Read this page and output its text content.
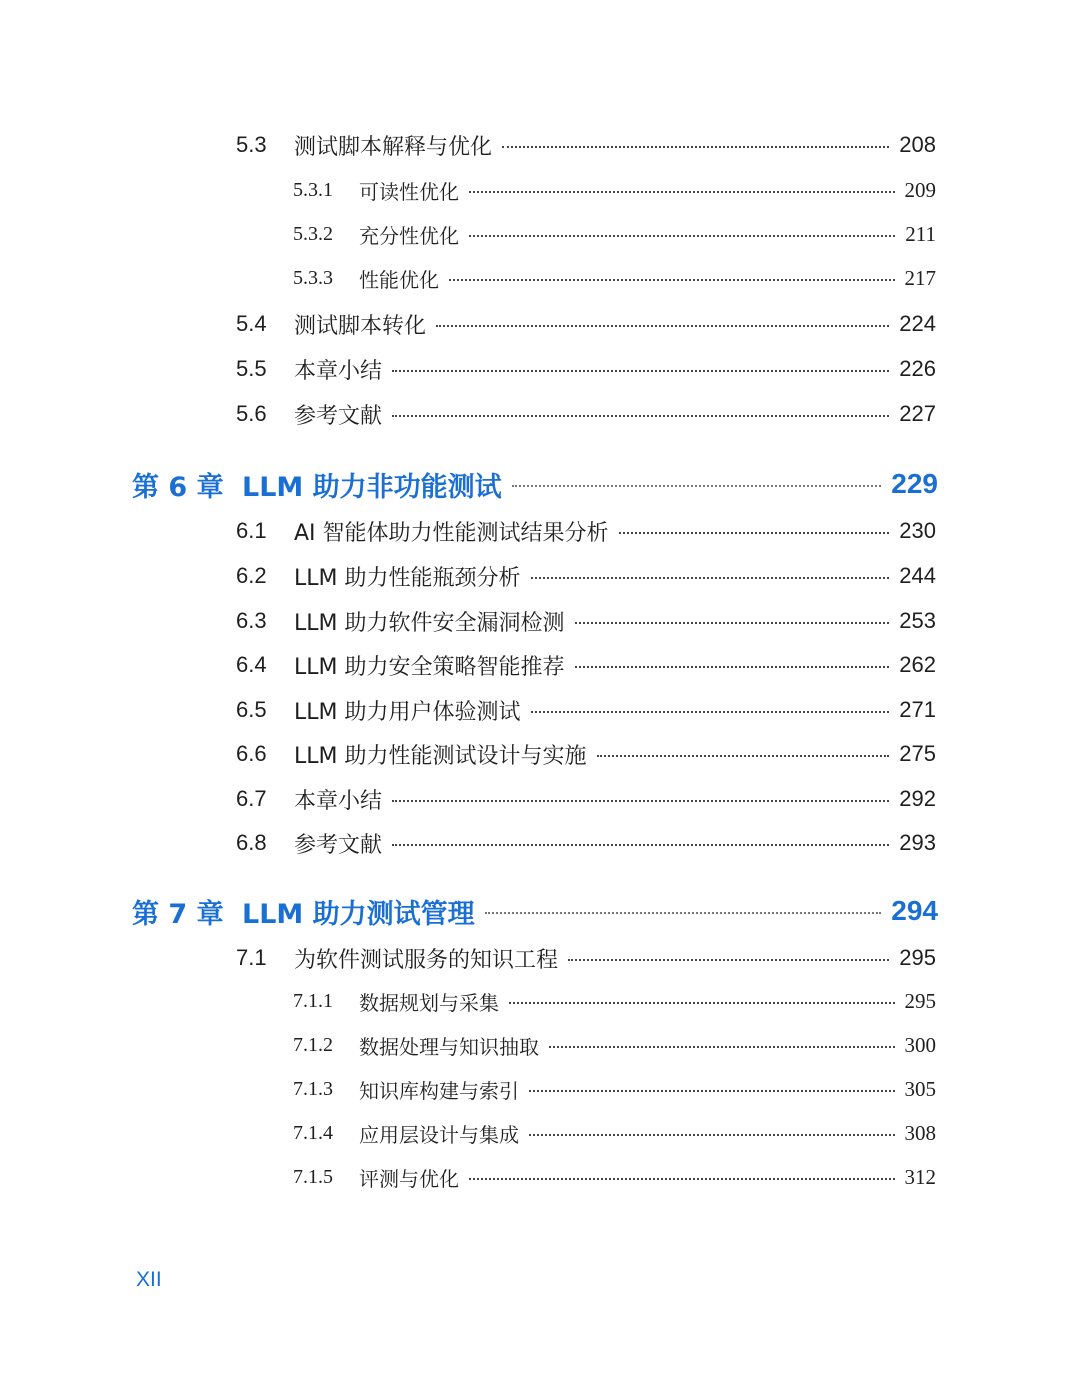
5.3	测试脚本解释与优化	208
5.3.1	可读性优化	209
5.3.2	充分性优化	211
5.3.3	性能优化	217
5.4	测试脚本转化	224
5.5	本章小结	226
5.6	参考文献	227
第 6 章 LLM 助力非功能测试	229
6.1	AI 智能体助力性能测试结果分析	230
6.2	LLM 助力性能瓶颈分析	244
6.3	LLM 助力软件安全漏洞检测	253
6.4	LLM 助力安全策略智能推荐	262
6.5	LLM 助力用户体验测试	271
6.6	LLM 助力性能测试设计与实施	275
6.7	本章小结	292
6.8	参考文献	293
第 7 章 LLM 助力测试管理	294
7.1	为软件测试服务的知识工程	295
7.1.1	数据规划与采集	295
7.1.2	数据处理与知识抽取	300
7.1.3	知识库构建与索引	305
7.1.4	应用层设计与集成	308
7.1.5	评测与优化	312
XII
